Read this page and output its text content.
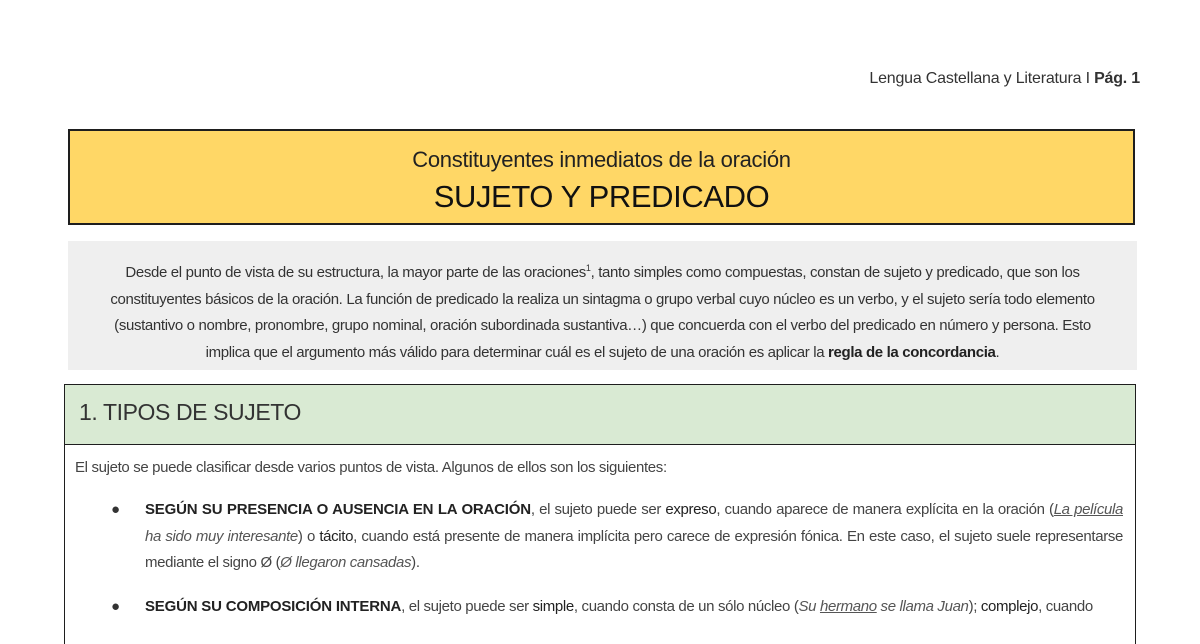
Lengua Castellana y Literatura I Pág. 1
Constituyentes inmediatos de la oración
SUJETO Y PREDICADO
Desde el punto de vista de su estructura, la mayor parte de las oraciones$^1$, tanto simples como compuestas, constan de sujeto y predicado, que son los constituyentes básicos de la oración. La función de predicado la realiza un sintagma o grupo verbal cuyo núcleo es un verbo, y el sujeto sería todo elemento (sustantivo o nombre, pronombre, grupo nominal, oración subordinada sustantiva…) que concuerda con el verbo del predicado en número y persona. Esto implica que el argumento más válido para determinar cuál es el sujeto de una oración es aplicar la regla de la concordancia.
1. TIPOS DE SUJETO
El sujeto se puede clasificar desde varios puntos de vista. Algunos de ellos son los siguientes:
● SEGÚN SU PRESENCIA O AUSENCIA EN LA ORACIÓN, el sujeto puede ser expreso, cuando aparece de manera explícita en la oración (La película ha sido muy interesante) o tácito, cuando está presente de manera implícita pero carece de expresión fónica. En este caso, el sujeto suele representarse mediante el signo Ø (Ø llegaron cansadas).
● SEGÚN SU COMPOSICIÓN INTERNA, el sujeto puede ser simple, cuando consta de un sólo núcleo (Su hermano se llama Juan); complejo, cuando
